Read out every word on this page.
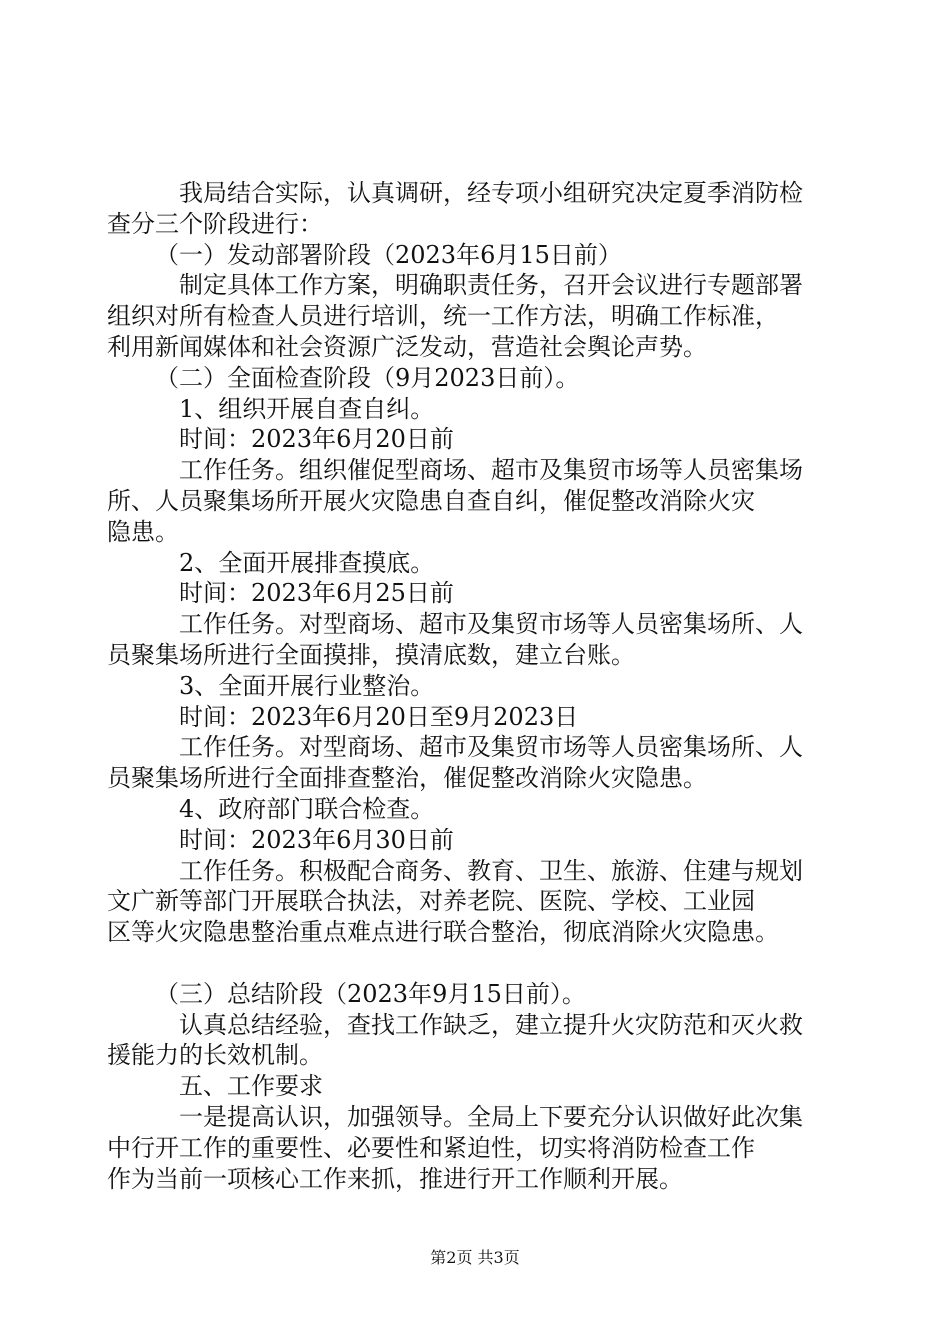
我局结合实际，认真调研，经专项小组研究决定夏季消防检

查分三个阶段进行：

（一）发动部署阶段（2023年6月15日前）

制定具体工作方案，明确职责任务，召开会议进行专题部署

组织对所有检查人员进行培训，统一工作方法，明确工作标准，

利用新闻媒体和社会资源广泛发动，营造社会舆论声势。

（二）全面检查阶段（9月2023日前）。

1、组织开展自查自纠。

时间：2023年6月20日前

工作任务。组织催促型商场、超市及集贸市场等人员密集场

所、人员聚集场所开展火灾隐患自查自纠，催促整改消除火灾

隐患。

2、全面开展排查摸底。

时间：2023年6月25日前

工作任务。对型商场、超市及集贸市场等人员密集场所、人

员聚集场所进行全面摸排，摸清底数，建立台账。

3、全面开展行业整治。

时间：2023年6月20日至9月2023日

工作任务。对型商场、超市及集贸市场等人员密集场所、人

员聚集场所进行全面排查整治，催促整改消除火灾隐患。

4、政府部门联合检查。

时间：2023年6月30日前

工作任务。积极配合商务、教育、卫生、旅游、住建与规划

文广新等部门开展联合执法，对养老院、医院、学校、工业园

区等火灾隐患整治重点难点进行联合整治，彻底消除火灾隐患。

（三）总结阶段（2023年9月15日前）。

认真总结经验，查找工作缺乏，建立提升火灾防范和灭火救

援能力的长效机制。

五、工作要求

一是提高认识，加强领导。全局上下要充分认识做好此次集

中行开工作的重要性、必要性和紧迫性，切实将消防检查工作

作为当前一项核心工作来抓，推进行开工作顺利开展。

第2页 共3页
